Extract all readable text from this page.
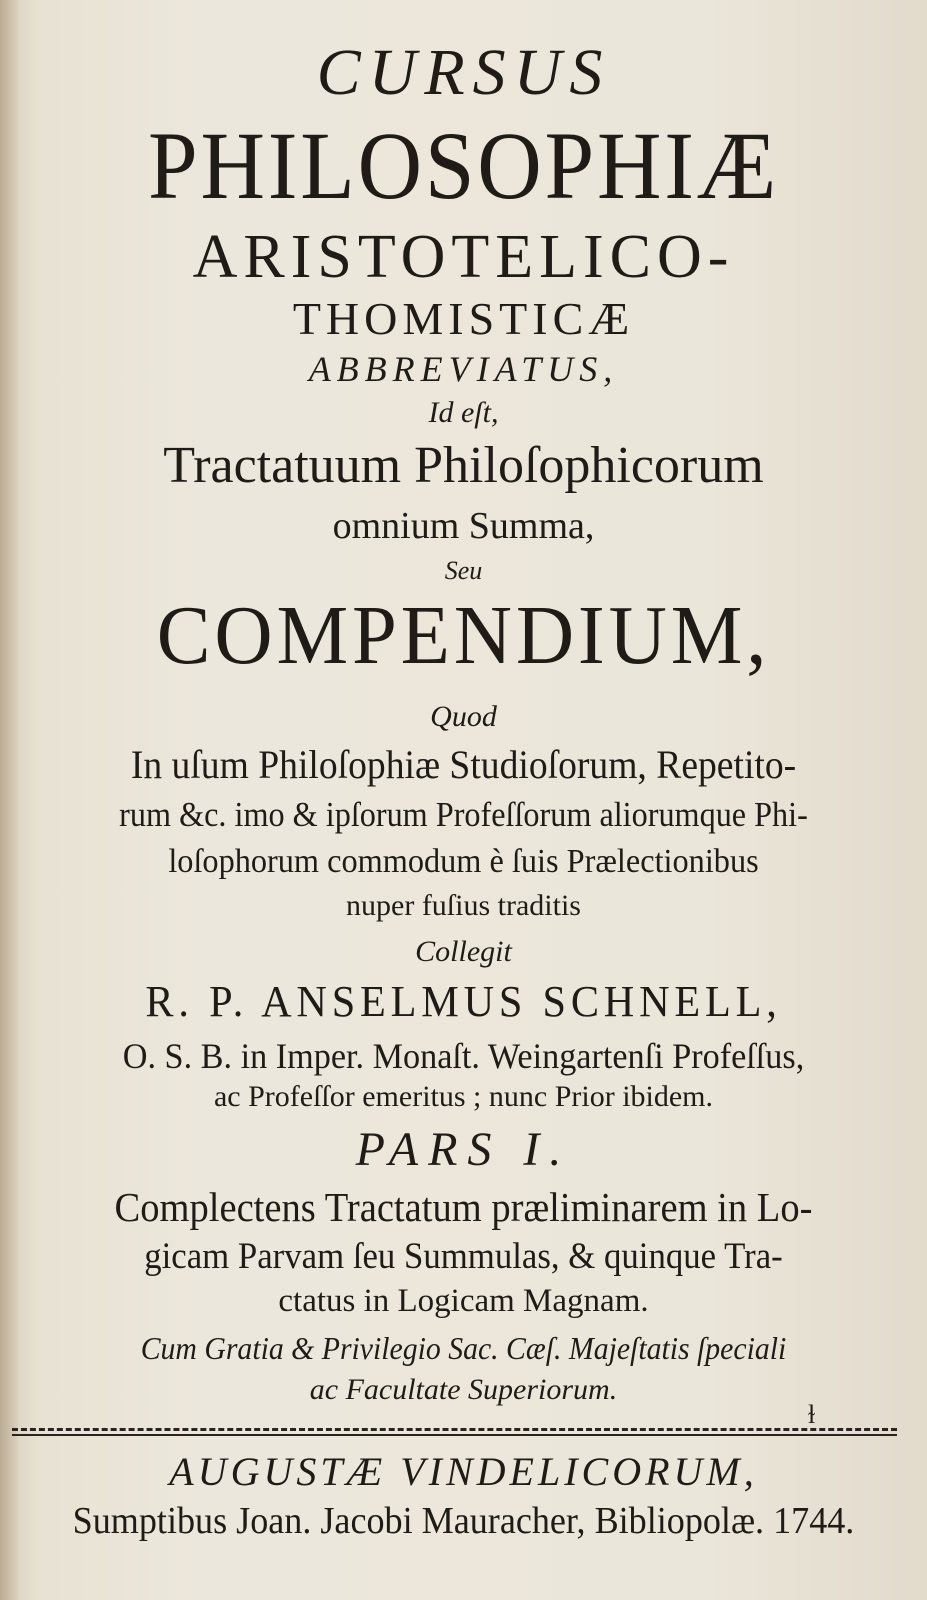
CURSUS
PHILOSOPHIÆ
ARISTOTELICO-
THOMISTICÆ
ABBREVIATUS,
Id eſt,
Tractatuum Philoſophicorum
omnium Summa,
Seu
COMPENDIUM,
Quod
In uſum Philoſophiæ Studioſorum, Repetito-
rum &c. imo & ipſorum Profeſſorum aliorumque Phi-
loſophorum commodum è ſuis Prælectionibus
nuper fuſius traditis
Collegit
R. P. ANSELMUS SCHNELL,
O. S. B. in Imper. Monaſt. Weingartenſi Profeſſus,
ac Profeſſor emeritus ; nunc Prior ibidem.
PARS I.
Complectens Tractatum præliminarem in Lo-
gicam Parvam ſeu Summulas, & quinque Tra-
ctatus in Logicam Magnam.
Cum Gratia & Privilegio Sac. Cæſ. Majeſtatis ſpeciali
ac Facultate Superiorum.
ɫ
AUGUSTÆ VINDELICORUM,
Sumptibus Joan. Jacobi Mauracher, Bibliopolæ. 1744.
